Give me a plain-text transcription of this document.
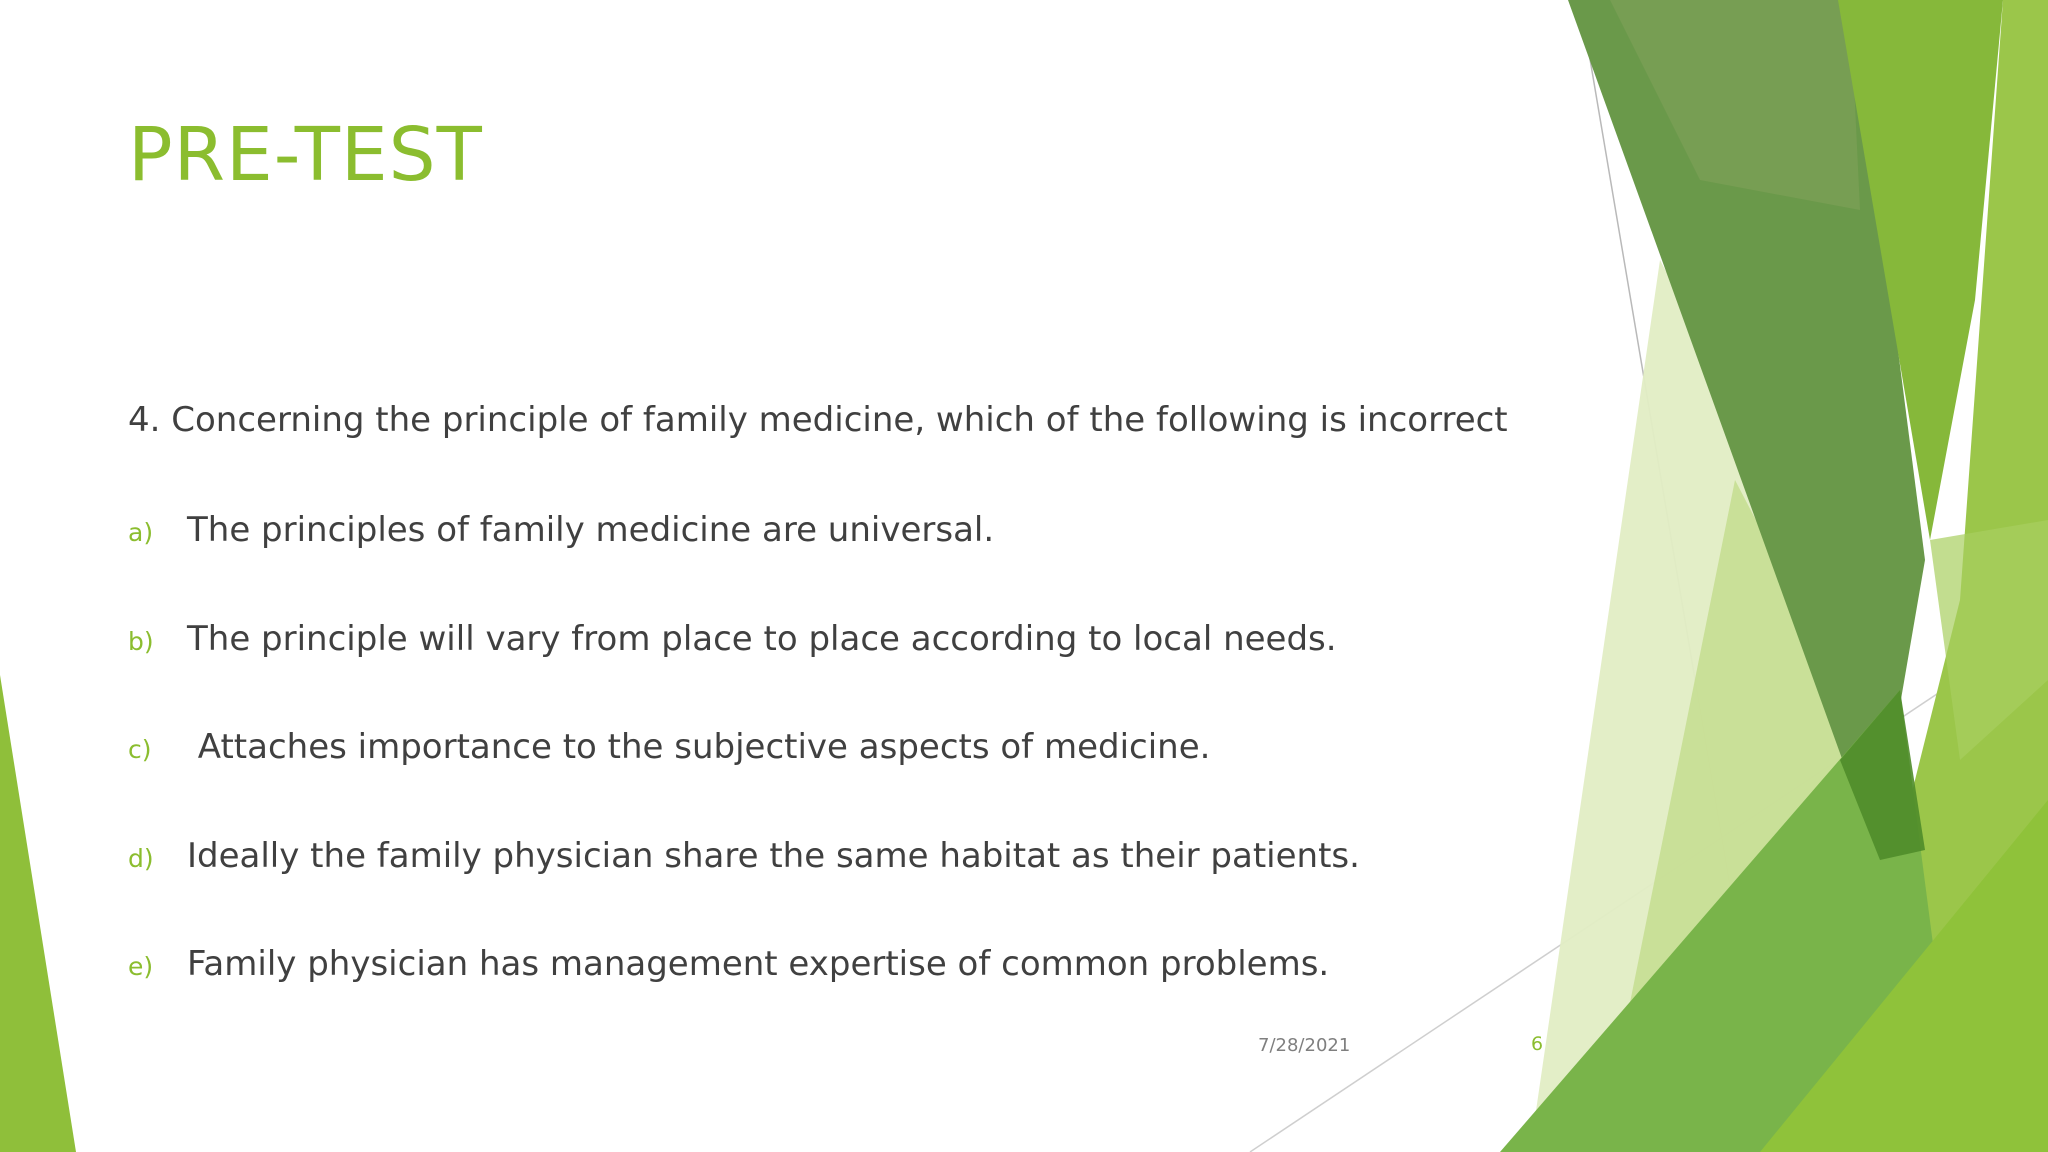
PRE-TEST
4. Concerning the principle of family medicine, which of the following is incorrect
a) The principles of family medicine are universal.
b) The principle will vary from place to place according to local needs.
c)	Attaches importance to the subjective aspects of medicine.
d) Ideally the family physician share the same habitat as their patients.
e) Family physician has management expertise of common problems.
7/28/2021	6
